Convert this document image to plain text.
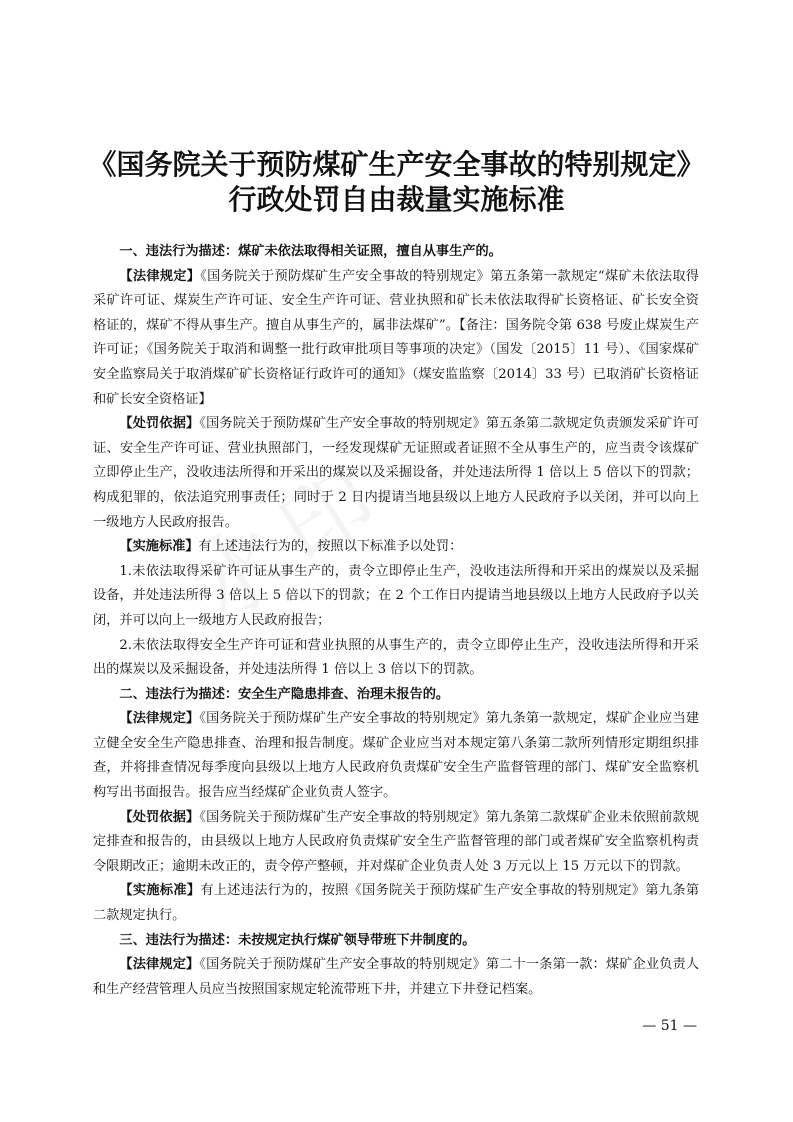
《国务院关于预防煤矿生产安全事故的特别规定》
行政处罚自由裁量实施标准

一、违法行为描述：煤矿未依法取得相关证照，擅自从事生产的。

【法律规定】《国务院关于预防煤矿生产安全事故的特别规定》第五条第一款规定“煤矿未依法取得采矿许可证、煤炭生产许可证、安全生产许可证、营业执照和矿长未依法取得矿长资格证、矿长安全资格证的，煤矿不得从事生产。擅自从事生产的，属非法煤矿”。【备注：国务院令第 638 号废止煤炭生产许可证；《国务院关于取消和调整一批行政审批项目等事项的决定》（国发〔2015〕11 号）、《国家煤矿安全监察局关于取消煤矿矿长资格证行政许可的通知》（煤安监监察〔2014〕33 号）已取消矿长资格证和矿长安全资格证】

【处罚依据】《国务院关于预防煤矿生产安全事故的特别规定》第五条第二款规定负责颁发采矿许可证、安全生产许可证、营业执照部门，一经发现煤矿无证照或者证照不全从事生产的，应当责令该煤矿立即停止生产，没收违法所得和开采出的煤炭以及采掘设备，并处违法所得 1 倍以上 5 倍以下的罚款；构成犯罪的，依法追究刑事责任；同时于 2 日内提请当地县级以上地方人民政府予以关闭，并可以向上一级地方人民政府报告。

【实施标准】有上述违法行为的，按照以下标准予以处罚：

1.未依法取得采矿许可证从事生产的，责令立即停止生产，没收违法所得和开采出的煤炭以及采掘设备，并处违法所得 3 倍以上 5 倍以下的罚款；在 2 个工作日内提请当地县级以上地方人民政府予以关闭，并可以向上一级地方人民政府报告；

2.未依法取得安全生产许可证和营业执照的从事生产的，责令立即停止生产，没收违法所得和开采出的煤炭以及采掘设备，并处违法所得 1 倍以上 3 倍以下的罚款。

二、违法行为描述：安全生产隐患排查、治理未报告的。

【法律规定】《国务院关于预防煤矿生产安全事故的特别规定》第九条第一款规定，煤矿企业应当建立健全安全生产隐患排查、治理和报告制度。煤矿企业应当对本规定第八条第二款所列情形定期组织排查，并将排查情况每季度向县级以上地方人民政府负责煤矿安全生产监督管理的部门、煤矿安全监察机构写出书面报告。报告应当经煤矿企业负责人签字。

【处罚依据】《国务院关于预防煤矿生产安全事故的特别规定》第九条第二款煤矿企业未依照前款规定排查和报告的，由县级以上地方人民政府负责煤矿安全生产监督管理的部门或者煤矿安全监察机构责令限期改正；逾期未改正的，责令停产整顿，并对煤矿企业负责人处 3 万元以上 15 万元以下的罚款。

【实施标准】有上述违法行为的，按照《国务院关于预防煤矿生产安全事故的特别规定》第九条第二款规定执行。

三、违法行为描述：未按规定执行煤矿领导带班下井制度的。

【法律规定】《国务院关于预防煤矿生产安全事故的特别规定》第二十一条第一款：煤矿企业负责人和生产经营管理人员应当按照国家规定轮流带班下井，并建立下井登记档案。

— 51 —
